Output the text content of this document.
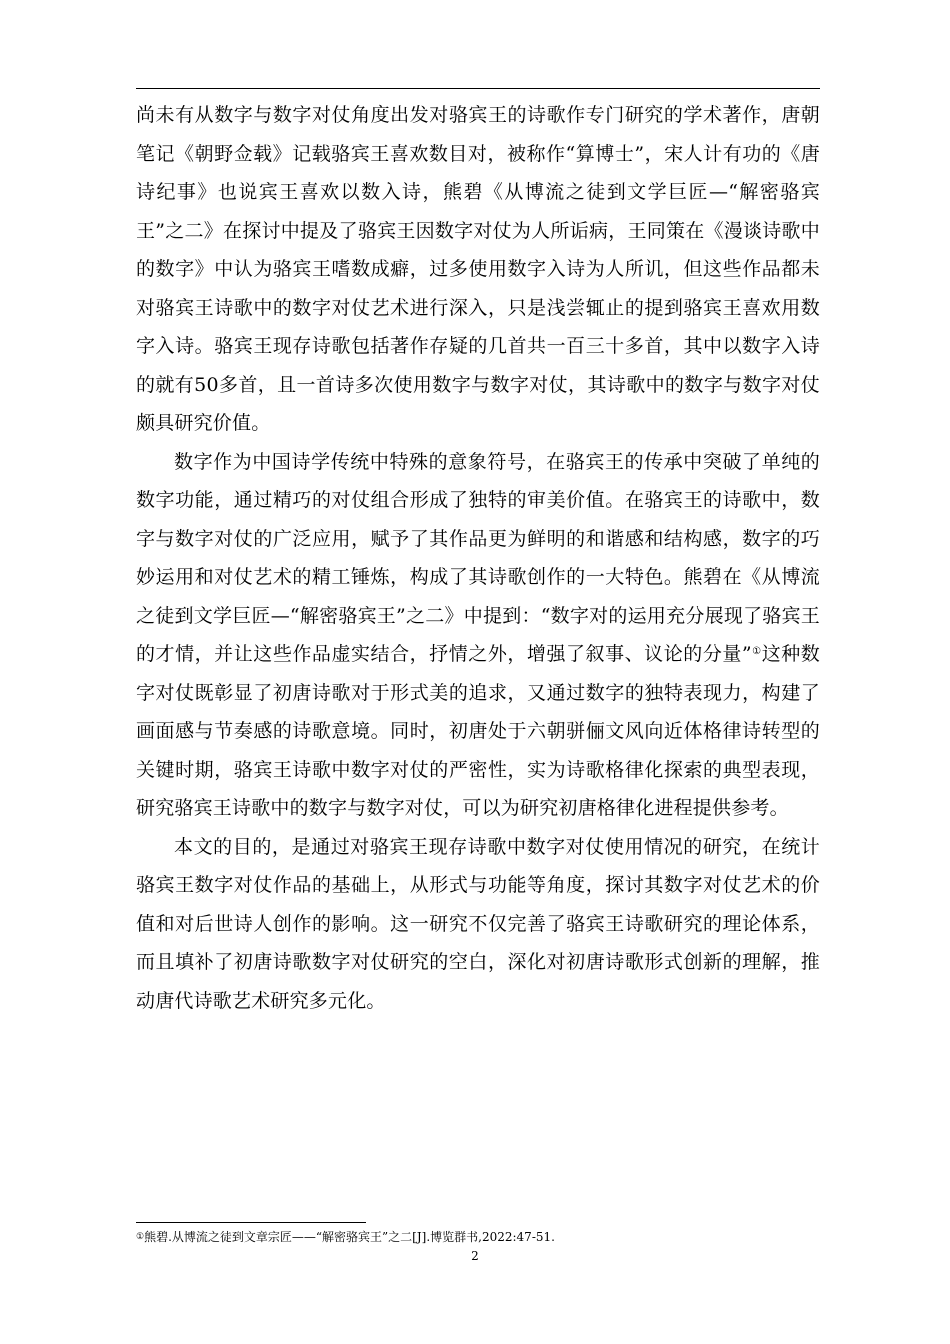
尚未有从数字与数字对仗角度出发对骆宾王的诗歌作专门研究的学术著作，唐朝笔记《朝野佥载》记载骆宾王喜欢数目对，被称作“算博士”，宋人计有功的《唐诗纪事》也说宾王喜欢以数入诗，熊碧《从博流之徒到文学巨匠—“解密骆宾王”之二》在探讨中提及了骆宾王因数字对仗为人所诟病，王同策在《漫谈诗歌中的数字》中认为骆宾王嗜数成癖，过多使用数字入诗为人所讥，但这些作品都未对骆宾王诗歌中的数字对仗艺术进行深入，只是浅尝辄止的提到骆宾王喜欢用数字入诗。骆宾王现存诗歌包括著作存疑的几首共一百三十多首，其中以数字入诗的就有50多首，且一首诗多次使用数字与数字对仗，其诗歌中的数字与数字对仗颇具研究价值。

数字作为中国诗学传统中特殊的意象符号，在骆宾王的传承中突破了单纯的数字功能，通过精巧的对仗组合形成了独特的审美价值。在骆宾王的诗歌中，数字与数字对仗的广泛应用，赋予了其作品更为鲜明的和谐感和结构感，数字的巧妙运用和对仗艺术的精工锤炼，构成了其诗歌创作的一大特色。熊碧在《从博流之徒到文学巨匠—“解密骆宾王”之二》中提到：“数字对的运用充分展现了骆宾王的才情，并让这些作品虚实结合，抒情之外，增强了叙事、议论的分量”①这种数字对仗既彰显了初唐诗歌对于形式美的追求，又通过数字的独特表现力，构建了画面感与节奏感的诗歌意境。同时，初唐处于六朝骈俪文风向近体格律诗转型的关键时期，骆宾王诗歌中数字对仗的严密性，实为诗歌格律化探索的典型表现，研究骆宾王诗歌中的数字与数字对仗，可以为研究初唐格律化进程提供参考。

本文的目的，是通过对骆宾王现存诗歌中数字对仗使用情况的研究，在统计骆宾王数字对仗作品的基础上，从形式与功能等角度，探讨其数字对仗艺术的价值和对后世诗人创作的影响。这一研究不仅完善了骆宾王诗歌研究的理论体系，而且填补了初唐诗歌数字对仗研究的空白，深化对初唐诗歌形式创新的理解，推动唐代诗歌艺术研究多元化。

①熊碧.从博流之徒到文章宗匠——“解密骆宾王”之二[J].博览群书,2022:47-51.
2
